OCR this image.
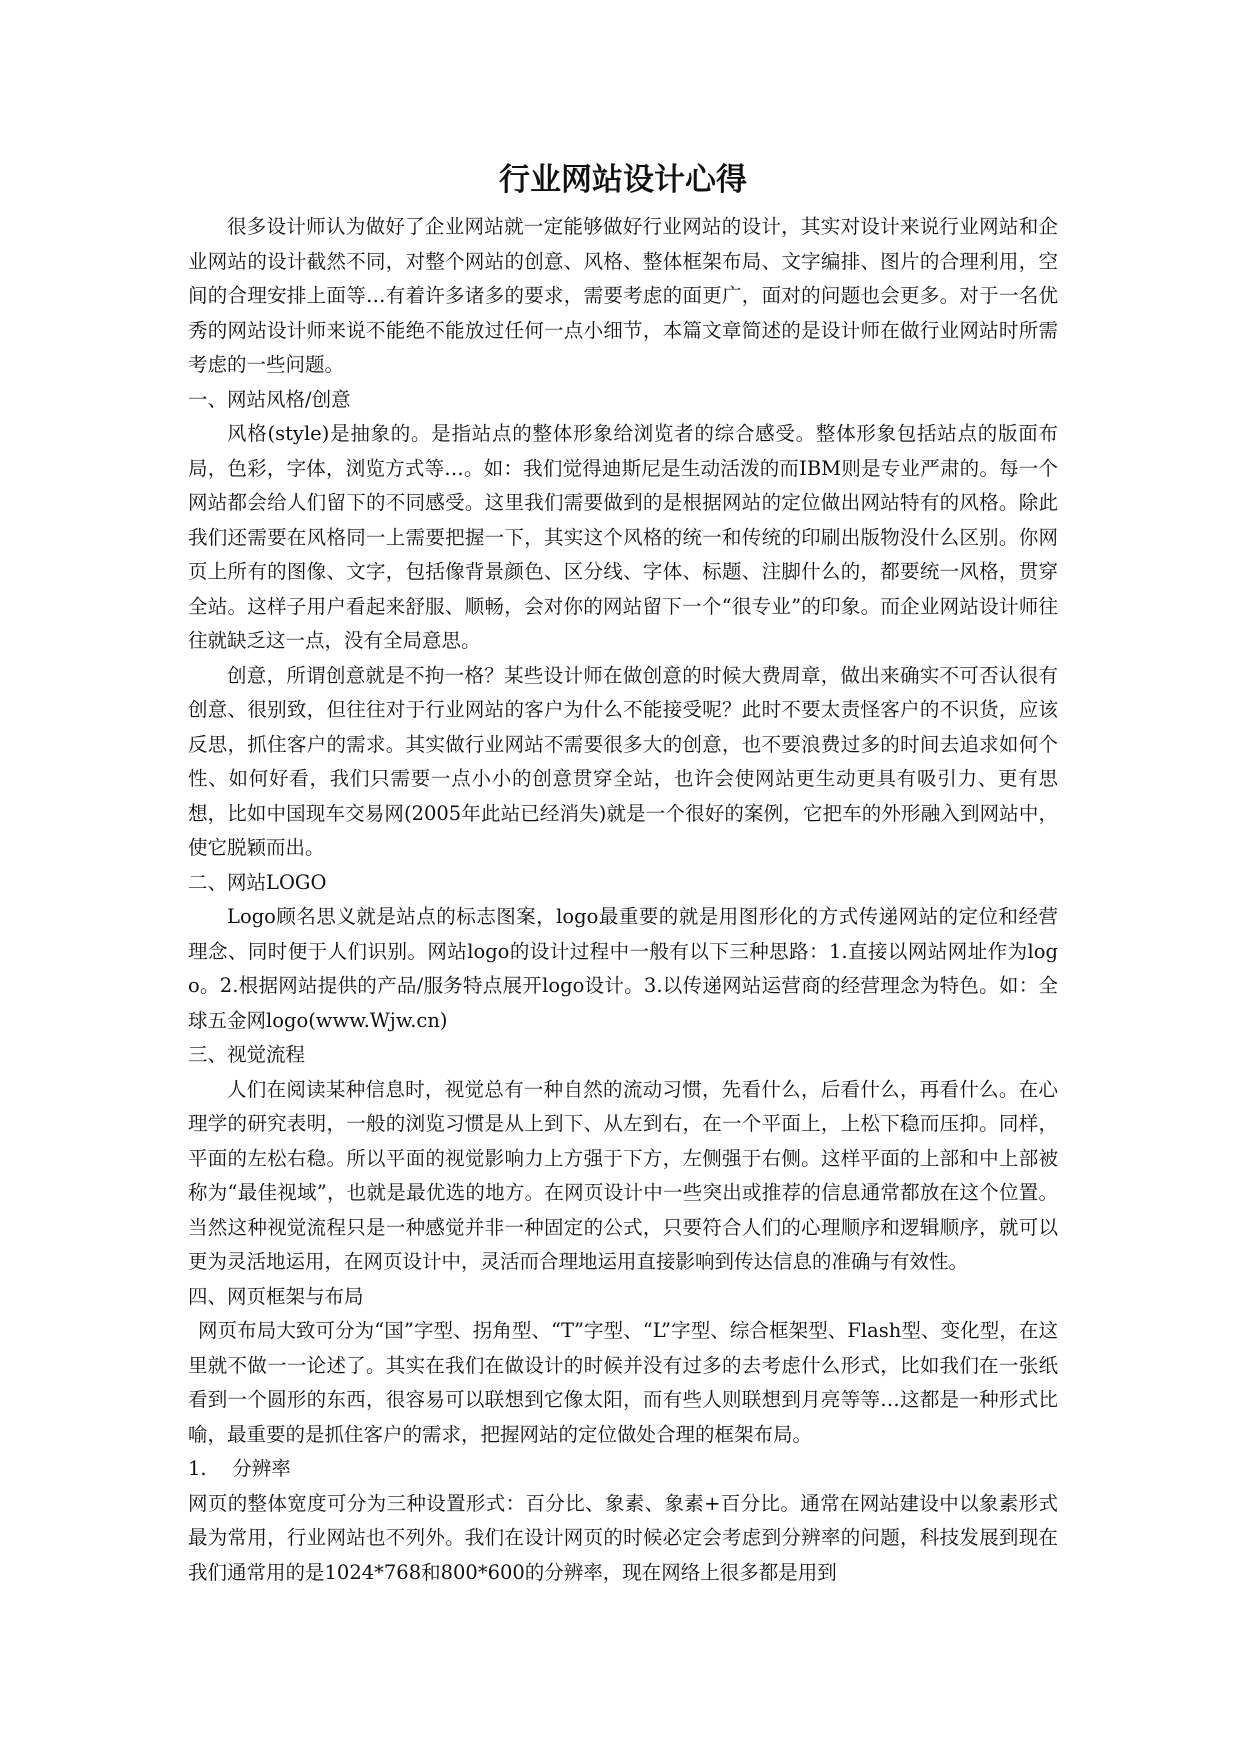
行业网站设计心得

很多设计师认为做好了企业网站就一定能够做好行业网站的设计，其实对设计来说行业网站和企业网站的设计截然不同，对整个网站的创意、风格、整体框架布局、文字编排、图片的合理利用，空间的合理安排上面等…有着许多诸多的要求，需要考虑的面更广，面对的问题也会更多。对于一名优秀的网站设计师来说不能绝不能放过任何一点小细节，本篇文章简述的是设计师在做行业网站时所需考虑的一些问题。

一、网站风格/创意

风格(style)是抽象的。是指站点的整体形象给浏览者的综合感受。整体形象包括站点的版面布局，色彩，字体，浏览方式等…。如：我们觉得迪斯尼是生动活泼的而IBM则是专业严肃的。每一个网站都会给人们留下的不同感受。这里我们需要做到的是根据网站的定位做出网站特有的风格。除此我们还需要在风格同一上需要把握一下，其实这个风格的统一和传统的印刷出版物没什么区别。你网页上所有的图像、文字，包括像背景颜色、区分线、字体、标题、注脚什么的，都要统一风格，贯穿全站。这样子用户看起来舒服、顺畅，会对你的网站留下一个“很专业”的印象。而企业网站设计师往往就缺乏这一点，没有全局意思。

创意，所谓创意就是不拘一格？某些设计师在做创意的时候大费周章，做出来确实不可否认很有创意、很别致，但往往对于行业网站的客户为什么不能接受呢？此时不要太责怪客户的不识货，应该反思，抓住客户的需求。其实做行业网站不需要很多大的创意，也不要浪费过多的时间去追求如何个性、如何好看，我们只需要一点小小的创意贯穿全站，也许会使网站更生动更具有吸引力、更有思想，比如中国现车交易网(2005年此站已经消失)就是一个很好的案例，它把车的外形融入到网站中，使它脱颖而出。

二、网站LOGO

Logo顾名思义就是站点的标志图案，logo最重要的就是用图形化的方式传递网站的定位和经营理念、同时便于人们识别。网站logo的设计过程中一般有以下三种思路：1.直接以网站网址作为logo。2.根据网站提供的产品/服务特点展开logo设计。3.以传递网站运营商的经营理念为特色。如：全球五金网logo(www.Wjw.cn)

三、视觉流程

人们在阅读某种信息时，视觉总有一种自然的流动习惯，先看什么，后看什么，再看什么。在心理学的研究表明，一般的浏览习惯是从上到下、从左到右，在一个平面上，上松下稳而压抑。同样，平面的左松右稳。所以平面的视觉影响力上方强于下方，左侧强于右侧。这样平面的上部和中上部被称为“最佳视域”，也就是最优选的地方。在网页设计中一些突出或推荐的信息通常都放在这个位置。当然这种视觉流程只是一种感觉并非一种固定的公式，只要符合人们的心理顺序和逻辑顺序，就可以更为灵活地运用，在网页设计中，灵活而合理地运用直接影响到传达信息的准确与有效性。

四、网页框架与布局

网页布局大致可分为“国”字型、拐角型、“T”字型、“L”字型、综合框架型、Flash型、变化型，在这里就不做一一论述了。其实在我们在做设计的时候并没有过多的去考虑什么形式，比如我们在一张纸看到一个圆形的东西，很容易可以联想到它像太阳，而有些人则联想到月亮等等…这都是一种形式比喻，最重要的是抓住客户的需求，把握网站的定位做处合理的框架布局。

1.　 分辨率

网页的整体宽度可分为三种设置形式：百分比、象素、象素+百分比。通常在网站建设中以象素形式最为常用，行业网站也不列外。我们在设计网页的时候必定会考虑到分辨率的问题，科技发展到现在我们通常用的是1024*768和800*600的分辨率，现在网络上很多都是用到
